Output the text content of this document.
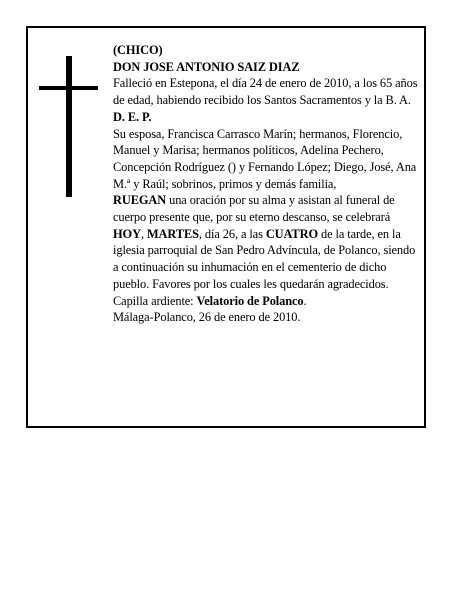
(CHICO)

DON JOSE ANTONIO SAIZ DIAZ

Falleció en Estepona, el día 24 de enero de 2010, a los 65 años de edad, habiendo recibido los Santos Sacramentos y la B. A.

D. E. P.

Su esposa, Francisca Carrasco Marín; hermanos, Florencio, Manuel y Marisa; hermanos políticos, Adelina Pechero, Concepción Rodríguez () y Fernando López; Diego, José, Ana M.ª y Raúl; sobrinos, primos y demás familia,

RUEGAN una oración por su alma y asistan al funeral de cuerpo presente que, por su eterno descanso, se celebrará HOY, MARTES, día 26, a las CUATRO de la tarde, en la iglesia parroquial de San Pedro Advíncula, de Polanco, siendo a continuación su inhumación en el cementerio de dicho pueblo. Favores por los cuales les quedarán agradecidos.

Capilla ardiente: Velatorio de Polanco.

Málaga-Polanco, 26 de enero de 2010.
